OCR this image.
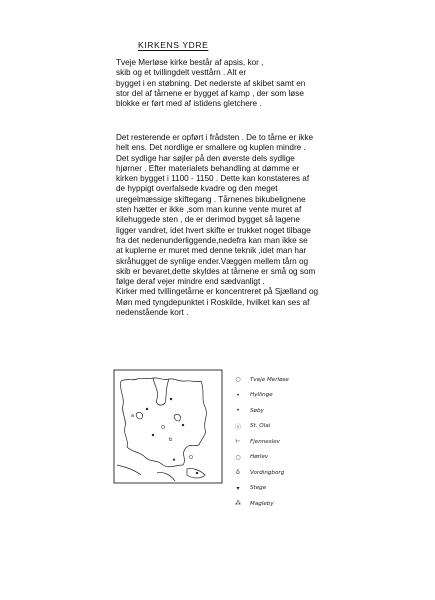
KIRKENS YDRE

Tveje Merløse kirke består af apsis, kor ,
skib og et tvillingdelt vesttårn . Alt er
bygget i en støbning. Det nederste af skibet samt en
stor del af tårnene er bygget af kamp , der som løse
blokke er ført med af istidens gletchere .

Det resterende er opført i frådsten . De to tårne er ikke
helt ens. Det nordlige er smallere og kuplen mindre .
Det sydlige har søjler på den øverste dels sydlige
hjørner . Efter materialets behandling at dømme er
kirken bygget i 1100 - 1150 . Dette kan konstateres af
de hyppigt overfalsede kvadre og den meget
uregelmæssige skiftegang . Tårnenes bikubelignene
sten hætter er ikke ,som man kunne vente muret af
kilehuggede sten , de er derimod bygget så lagene
ligger vandret, idet hvert skifte er trukket noget tilbage
fra det nedenunderliggende,nedefra kan man ikke se
at kuplerne er muret med denne teknik ,idet man har
skråhugget de synlige ender.Væggen mellem tårn og
skib er bevaret,dette skyldes at tårnene er små og som
følge deraf vejer mindre end sædvanligt .
Kirker med tvillingetårne er koncentreret på Sjælland og
Møn med tyngdepunktet i Roskilde, hvilket kan ses af
nedenstående kort .

a
b
○	Tveje Merløse
•	Hyllinge
•	Søby
ⓢ	St. Olai
⊢	Fjenneslev
○	Hørlev
δ	Vordingborg
▾	Stege
⁂	Magleby
